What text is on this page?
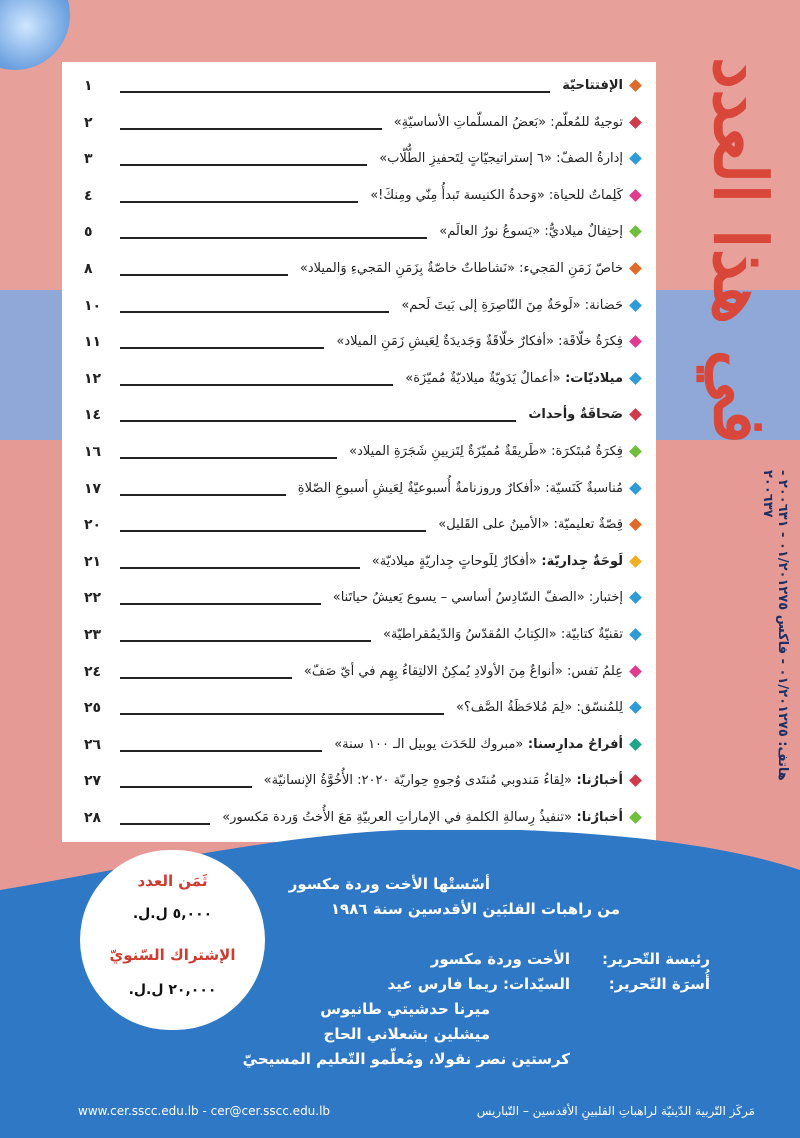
في هذا العدد
هاتف: ٠١/٢٠١٢٧٥ - فاكس ٠١/٢٠١٢٧٥ - ٢٠٠٦٣١ - ٢٠٠٦٣٧
الإفتتاحيّة
١
توجيهٌ للمُعلّم: «بَعضُ المسلّماتِ الأساسيّةِ»
٢
إدارةُ الصفّ: «٦ إستراتيجيّاتٍ لِتَحفيزِ الطُّلّاب»
٣
كَلِماتٌ للحياة: «وَحدةُ الكنيسة تَبدأُ مِنّي ومِنكَ!»
٤
إحتِفالٌ ميلاديٌّ: «يَسوعُ نورُ العالَم»
٥
خاصّ زَمَنِ المَجيء: «نَشاطاتٌ خاصّةٌ بِزَمَنِ المَجيءِ وَالميلاد»
٨
حَضانة: «لَوحَةٌ مِنَ النّاصِرَةِ إلى بَيتَ لَحم»
١٠
فِكرَةٌ خلّاقَة: «أفكارٌ خلّاقَةٌ وَجَديدَةٌ لِعَيشِ زَمَنِ الميلاد»
١١
ميلاديّات: «أعمالٌ يَدَويّةٌ ميلاديّةٌ مُميّزَة»
١٢
صَحافَةٌ وأحداث
١٤
فِكرَةٌ مُبتَكرَة: «طَريقَةٌ مُميّزَةٌ لِتَزيينِ شَجَرَةِ الميلاد»
١٦
مُناسبةٌ كَنَسيّة: «أفكارٌ وروزنامةٌ أُسبوعيّةٌ لِعَيشِ أسبوعِ الصّلاةِ
١٧
قِصّةٌ تعليميّة: «الأمينُ على القَليل»
٢٠
لَوحَةٌ جِداريّة: «أفكارٌ لِلَوحاتٍ جِداريّةٍ ميلاديّة»
٢١
إختبار: «الصفّ السّادِسُ أساسي – يسوع يَعيشُ حياتَنا»
٢٢
تقنيّةٌ كتابيّة: «الكِتابُ المُقدّسُ وَالدّيمُقراطيّة»
٢٣
عِلمُ نَفس: «أنواعٌ مِنَ الأولادِ يُمكِنُ الالتِقاءُ بِهِم في أيّ صَفّ»
٢٤
لِلمُنسّق: «لِمَ مُلاحَظَةُ الصَّف؟»
٢٥
أفراحُ مدارِسنا: «مبروك للحَدَث يوبيل الـ ١٠٠ سنة»
٢٦
أخبارُنا: «لِقاءُ مَندوبي مُنتَدى وُجوهٍ حِواريّة ٢٠٢٠: الأُخُوَّةُ الإنسانيّة»
٢٧
أخبارُنا: «تنفيذُ رِسالةِ الكلمةِ في الإماراتِ العربيّةِ مَعَ الأُختُ وَردة مَكسور»
٢٨
ثَمَن العدد
٥,٠٠٠ ل.ل.
الإشتراك السّنويّ
٢٠,٠٠٠ ل.ل.
أسّستْها الأخت وردة مكسور
من راهبات القلبَين الأقدسين سنة ١٩٨٦
رئيسة التّحرير:
الأخت وردة مكسور
أُسرَة التّحرير:
السيّدات: ريما فارس عيد
ميرنا حدشيتي طانيوس
ميشلين بشعلاني الحاج
كرستين نصر نقولا، ومُعلّمو التّعليم المسيحيّ
مَركَز التّربية الدّينيّة لراهباتِ القلبينِ الأقدسين – التّباريس
www.cer.sscc.edu.lb - cer@cer.sscc.edu.lb
